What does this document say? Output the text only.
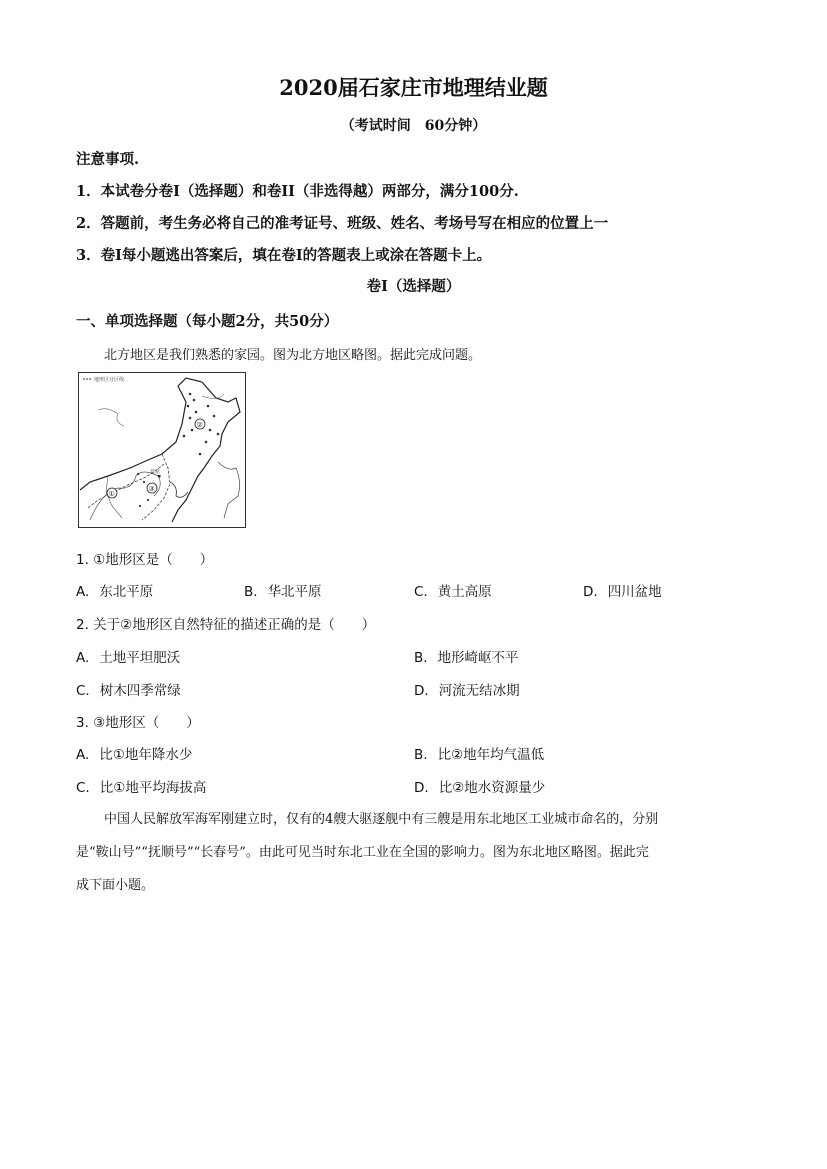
2020届石家庄市地理结业题
（考试时间　60分钟）
注意事项.
1．本试卷分卷I（选择题）和卷II（非选得越）两部分，满分100分.
2．答题前，考生务必将自己的准考证号、班级、姓名、考场号写在相应的位置上一
3．卷I每小题逃出答案后，填在卷I的答题表上或涂在答题卡上。
卷I（选择题）
一、单项选择题（每小题2分，共50分）
北方地区是我们熟悉的家园。图为北方地区略图。据此完成问题。
地形区分区线
②
①
③
北京
1. ①地形区是（　　）
A. 东北平原	B. 华北平原	C. 黄土高原	D. 四川盆地
2. 关于②地形区自然特征的描述正确的是（　　）
A. 土地平坦肥沃	B. 地形崎岖不平
C. 树木四季常绿	D. 河流无结冰期
3. ③地形区（　　）
A. 比①地年降水少	B. 比②地年均气温低
C. 比①地平均海拔高	D. 比②地水资源量少
中国人民解放军海军刚建立时，仅有的4艘大驱逐舰中有三艘是用东北地区工业城市命名的，分别
是“鞍山号”“抚顺号”“长春号”。由此可见当时东北工业在全国的影响力。图为东北地区略图。据此完
成下面小题。
